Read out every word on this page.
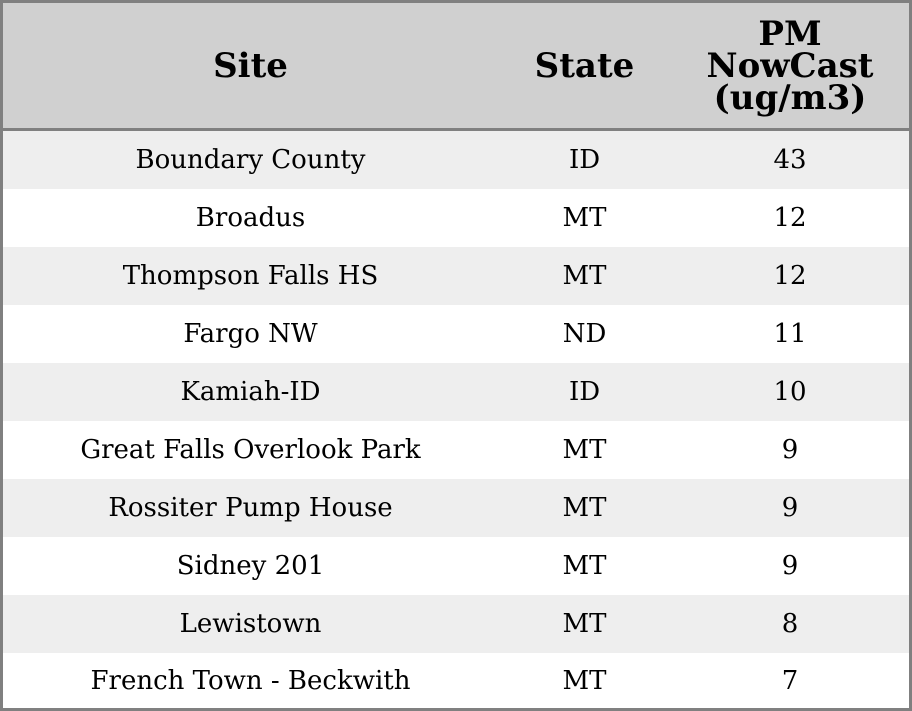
Site	State	PM
NowCast
(ug/m3)

Boundary County	ID	43
Broadus	MT	12
Thompson Falls HS	MT	12
Fargo NW	ND	11
Kamiah-ID	ID	10
Great Falls Overlook Park	MT	9
Rossiter Pump House	MT	9
Sidney 201	MT	9
Lewistown	MT	8
French Town - Beckwith	MT	7
